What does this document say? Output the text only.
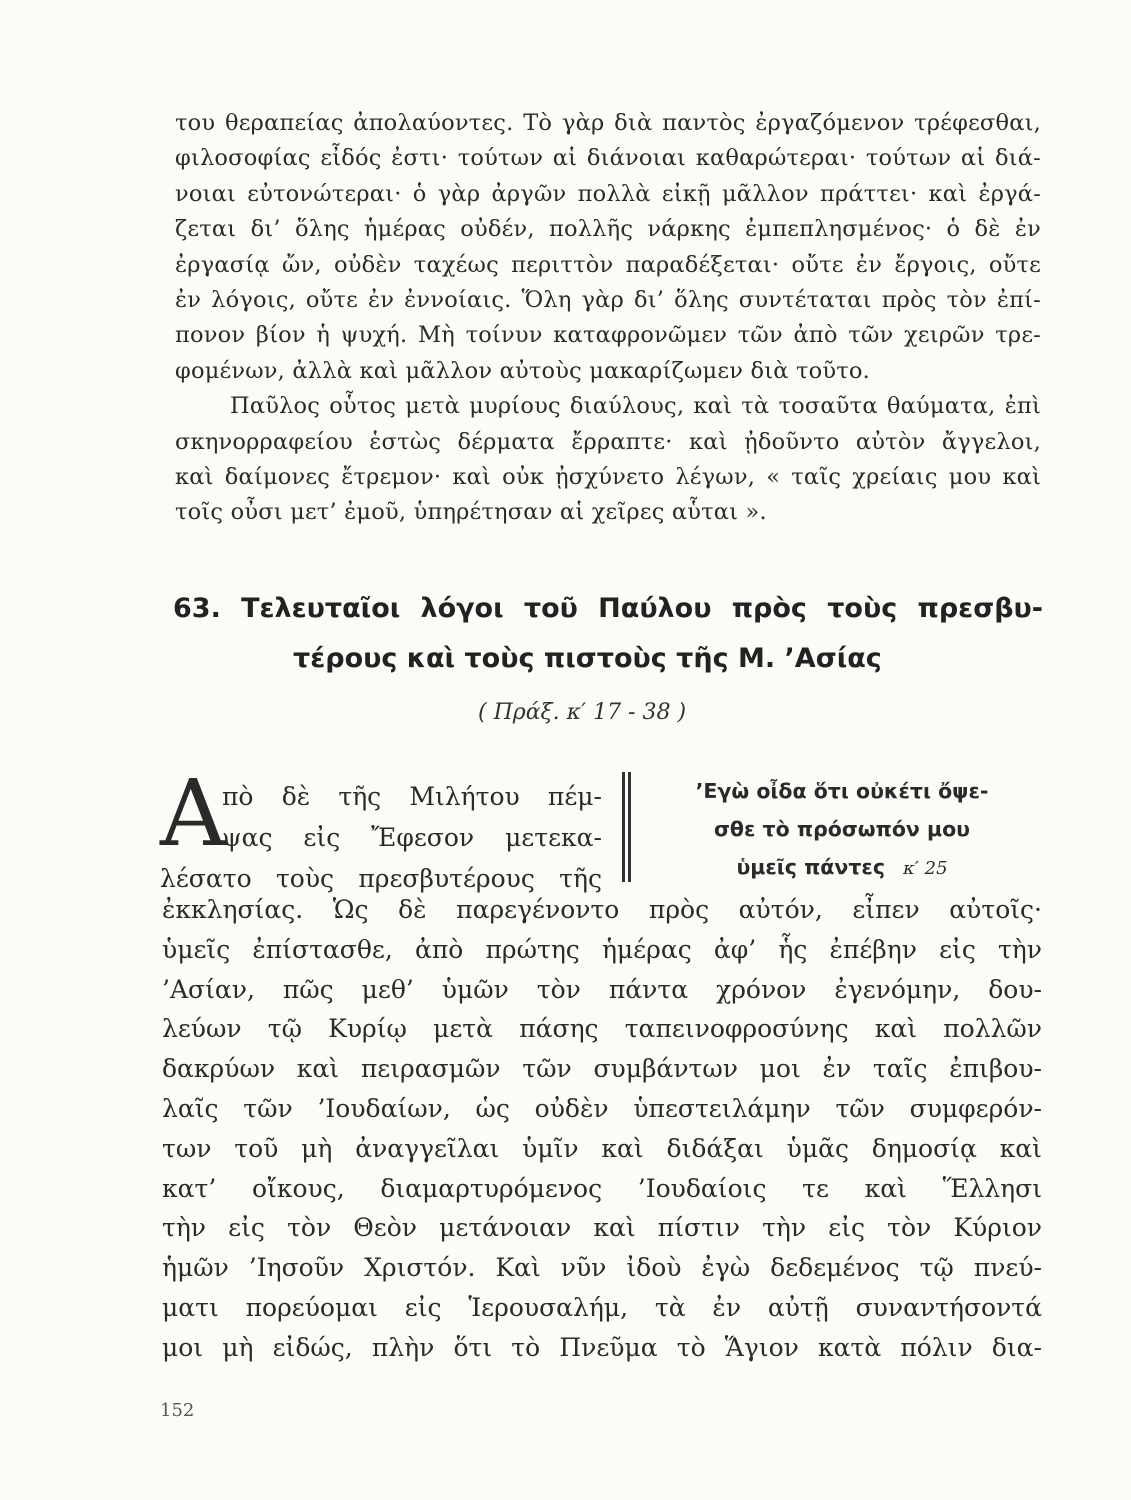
του θεραπείας ἀπολαύοντες. Τὸ γὰρ διὰ παντὸς ἐργαζόμενον τρέφεσθαι,
φιλοσοφίας εἶδός ἐστι· τούτων αἱ διάνοιαι καθαρώτεραι· τούτων αἱ διά-
νοιαι εὐτονώτεραι· ὁ γὰρ ἀργῶν πολλὰ εἰκῇ μᾶλλον πράττει· καὶ ἐργά-
ζεται δι’ ὅλης ἡμέρας οὐδέν, πολλῆς νάρκης ἐμπεπλησμένος· ὁ δὲ ἐν
ἐργασίᾳ ὤν, οὐδὲν ταχέως περιττὸν παραδέξεται· οὔτε ἐν ἔργοις, οὔτε
ἐν λόγοις, οὔτε ἐν ἐννοίαις. Ὅλη γὰρ δι’ ὅλης συντέταται πρὸς τὸν ἐπί-
πονον βίον ἡ ψυχή. Μὴ τοίνυν καταφρονῶμεν τῶν ἀπὸ τῶν χειρῶν τρε-
φομένων, ἀλλὰ καὶ μᾶλλον αὐτοὺς μακαρίζωμεν διὰ τοῦτο.
Παῦλος οὗτος μετὰ μυρίους διαύλους, καὶ τὰ τοσαῦτα θαύματα, ἐπὶ
σκηνορραφείου ἑστὼς δέρματα ἔρραπτε· καὶ ᾐδοῦντο αὐτὸν ἄγγελοι,
καὶ δαίμονες ἔτρεμον· καὶ οὐκ ᾐσχύνετο λέγων, « ταῖς χρείαις μου καὶ
τοῖς οὖσι μετ’ ἐμοῦ, ὑπηρέτησαν αἱ χεῖρες αὗται ».
63. Τελευταῖοι λόγοι τοῦ Παύλου πρὸς τοὺς πρεσβυ-
τέρους καὶ τοὺς πιστοὺς τῆς Μ. ’Ασίας
( Πράξ. κ′ 17 - 38 )
Α
πὸ δὲ τῆς Μιλήτου πέμ-
ψας εἰς Ἔφεσον μετεκα-
λέσατο τοὺς πρεσβυτέρους τῆς
’Εγὼ οἶδα ὅτι οὐκέτι ὄψε-
σθε τὸ πρόσωπόν μου
ὑμεῖς πάντες κ′ 25
ἐκκλησίας. Ὡς δὲ παρεγένοντο πρὸς αὐτόν, εἶπεν αὐτοῖς·
ὑμεῖς ἐπίστασθε, ἀπὸ πρώτης ἡμέρας ἀφ’ ἧς ἐπέβην εἰς τὴν
’Ασίαν, πῶς μεθ’ ὑμῶν τὸν πάντα χρόνον ἐγενόμην, δου-
λεύων τῷ Κυρίῳ μετὰ πάσης ταπεινοφροσύνης καὶ πολλῶν
δακρύων καὶ πειρασμῶν τῶν συμβάντων μοι ἐν ταῖς ἐπιβου-
λαῖς τῶν ’Ιουδαίων, ὡς οὐδὲν ὑπεστειλάμην τῶν συμφερόν-
των τοῦ μὴ ἀναγγεῖλαι ὑμῖν καὶ διδάξαι ὑμᾶς δημοσίᾳ καὶ
κατ’ οἴκους, διαμαρτυρόμενος ’Ιουδαίοις τε καὶ Ἕλλησι
τὴν εἰς τὸν Θεὸν μετάνοιαν καὶ πίστιν τὴν εἰς τὸν Κύριον
ἡμῶν ’Ιησοῦν Χριστόν. Καὶ νῦν ἰδοὺ ἐγὼ δεδεμένος τῷ πνεύ-
ματι πορεύομαι εἰς Ἱερουσαλήμ, τὰ ἐν αὐτῇ συναντήσοντά
μοι μὴ εἰδώς, πλὴν ὅτι τὸ Πνεῦμα τὸ Ἅγιον κατὰ πόλιν δια-
152
